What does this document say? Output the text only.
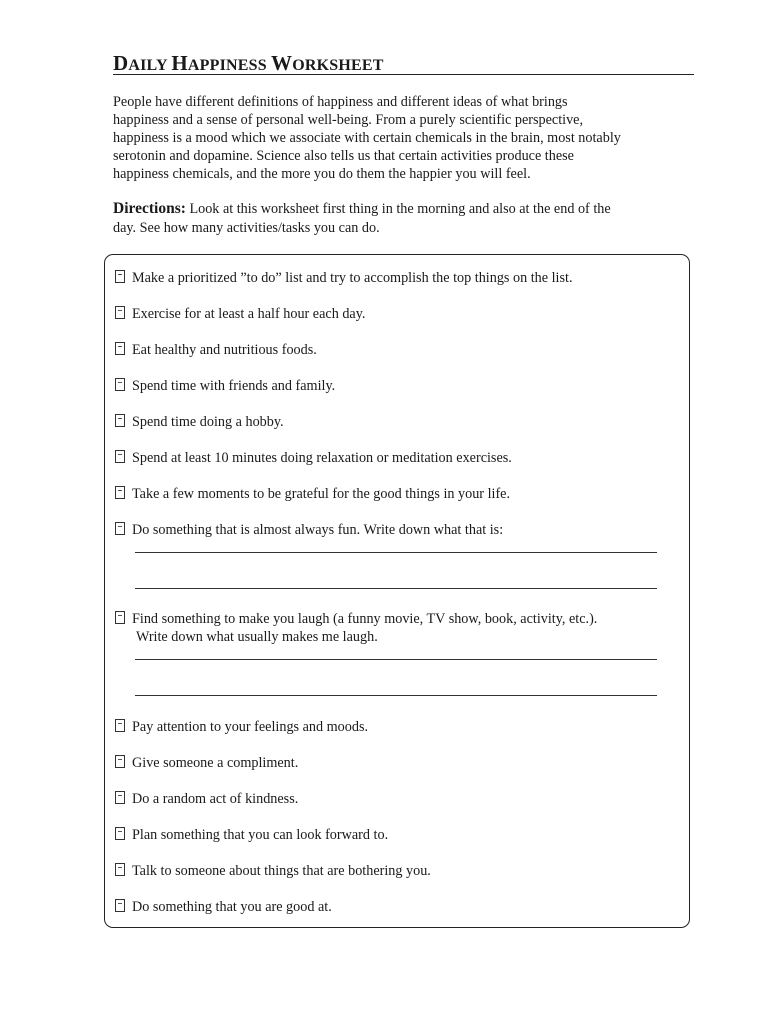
DAILY HAPPINESS WORKSHEET

People have different definitions of happiness and different ideas of what brings
happiness and a sense of personal well-being. From a purely scientific perspective,
happiness is a mood which we associate with certain chemicals in the brain, most notably
serotonin and dopamine. Science also tells us that certain activities produce these
happiness chemicals, and the more you do them the happier you will feel.

Directions: Look at this worksheet first thing in the morning and also at the end of the
day. See how many activities/tasks you can do.

Make a prioritized ”to do” list and try to accomplish the top things on the list.
Exercise for at least a half hour each day.
Eat healthy and nutritious foods.
Spend time with friends and family.
Spend time doing a hobby.
Spend at least 10 minutes doing relaxation or meditation exercises.
Take a few moments to be grateful for the good things in your life.
Do something that is almost always fun. Write down what that is:
Find something to make you laugh (a funny movie, TV show, book, activity, etc.).
Write down what usually makes me laugh.
Pay attention to your feelings and moods.
Give someone a compliment.
Do a random act of kindness.
Plan something that you can look forward to.
Talk to someone about things that are bothering you.
Do something that you are good at.
